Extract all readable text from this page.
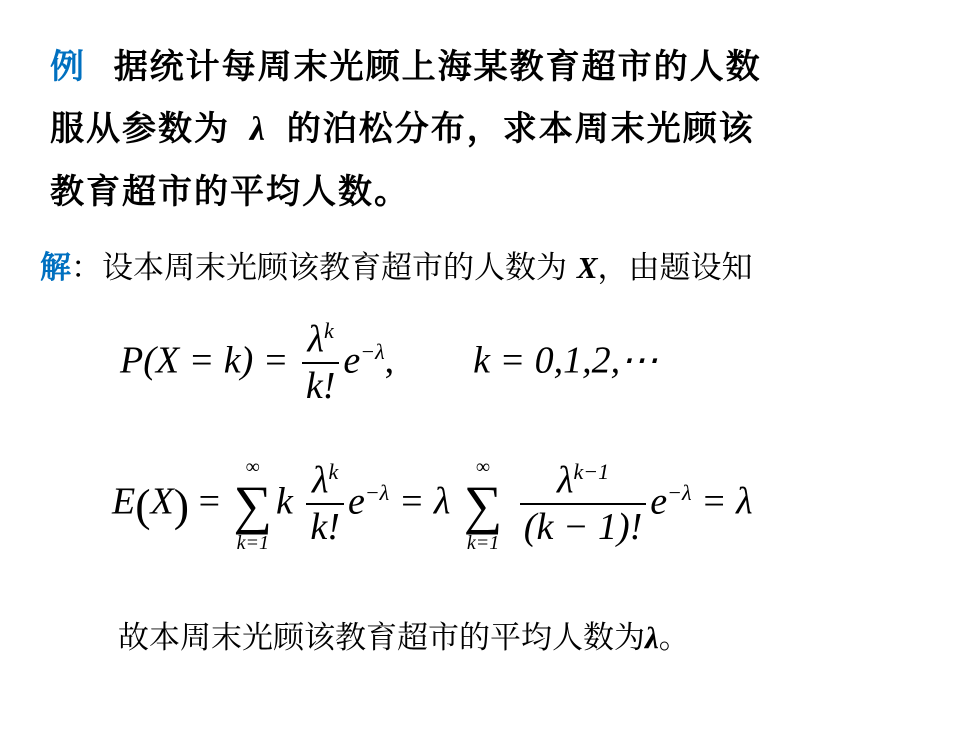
例 据统计每周末光顾上海某教育超市的人数
服从参数为 λ 的泊松分布，求本周末光顾该
教育超市的平均人数。
解：设本周末光顾该教育超市的人数为 X，由题设知
$P(X = k) = \frac{\lambda^k}{k!} e^{-\lambda}$, k = 0,1,2,⋯
E(X) =
∞
∑
k=1
k $\frac{\lambda^k}{k!} e^{-\lambda} = \lambda$
∞
∑
k=1
$\frac{\lambda^{k-1}}{(k - 1)!} e^{-\lambda} = \lambda$
故本周末光顾该教育超市的平均人数为λ。
